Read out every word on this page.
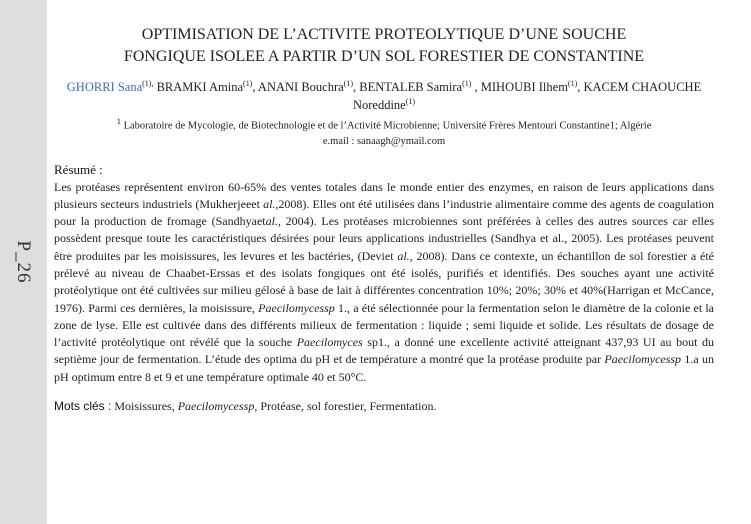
P_26
OPTIMISATION DE L’ACTIVITE PROTEOLYTIQUE D’UNE SOUCHE
FONGIQUE ISOLEE A PARTIR D’UN SOL FORESTIER DE CONSTANTINE

GHORRI Sana$^{(1),}$ BRAMKI Amina$^{(1)}$, ANANI Bouchra$^{(1)}$, BENTALEB Samira$^{(1)}$ , MIHOUBI Ilhem$^{(1)}$, KACEM CHAOUCHE Noreddine$^{(1)}$

$^1$ Laboratoire de Mycologie, de Biotechnologie et de l’Activité Microbienne; Université Frères Mentouri Constantine1; Algérie

e.mail : sanaagh@ymail.com

Résumé :

Les protéases représentent environ 60-65% des ventes totales dans le monde entier des enzymes, en raison de leurs applications dans plusieurs secteurs industriels (Mukherjeeet al.,2008). Elles ont été utilisées dans l’industrie alimentaire comme des agents de coagulation pour la production de fromage (Sandhyaetal., 2004). Les protéases microbiennes sont préférées à celles des autres sources car elles possèdent presque toute les caractéristiques désirées pour leurs applications industrielles (Sandhya et al., 2005). Les protéases peuvent être produites par les moisissures, les levures et les bactéries, (Deviet al., 2008). Dans ce contexte, un échantillon de sol forestier a été prélevé au niveau de Chaabet-Erssas et des isolats fongiques ont été isolés, purifiés et identifiés. Des souches ayant une activité protéolytique ont été cultivées sur milieu gélosé à base de lait à différentes concentration 10%; 20%; 30% et 40%(Harrigan et McCance, 1976). Parmi ces dernières, la moisissure, Paecilomycessp 1., a été sélectionnée pour la fermentation selon le diamètre de la colonie et la zone de lyse. Elle est cultivée dans des différents milieux de fermentation : liquide ; semi liquide et solide. Les résultats de dosage de l’activité protéolytique ont révélé que la souche Paecilomyces sp1., a donné une excellente activité atteignant 437,93 UI au bout du septième jour de fermentation. L’étude des optima du pH et de température a montré que la protéase produite par Paecilomycessp 1.a un pH optimum entre 8 et 9 et une température optimale 40 et 50°C.

Mots clés : Moisissures, Paecilomycessp, Protéase, sol forestier, Fermentation.
